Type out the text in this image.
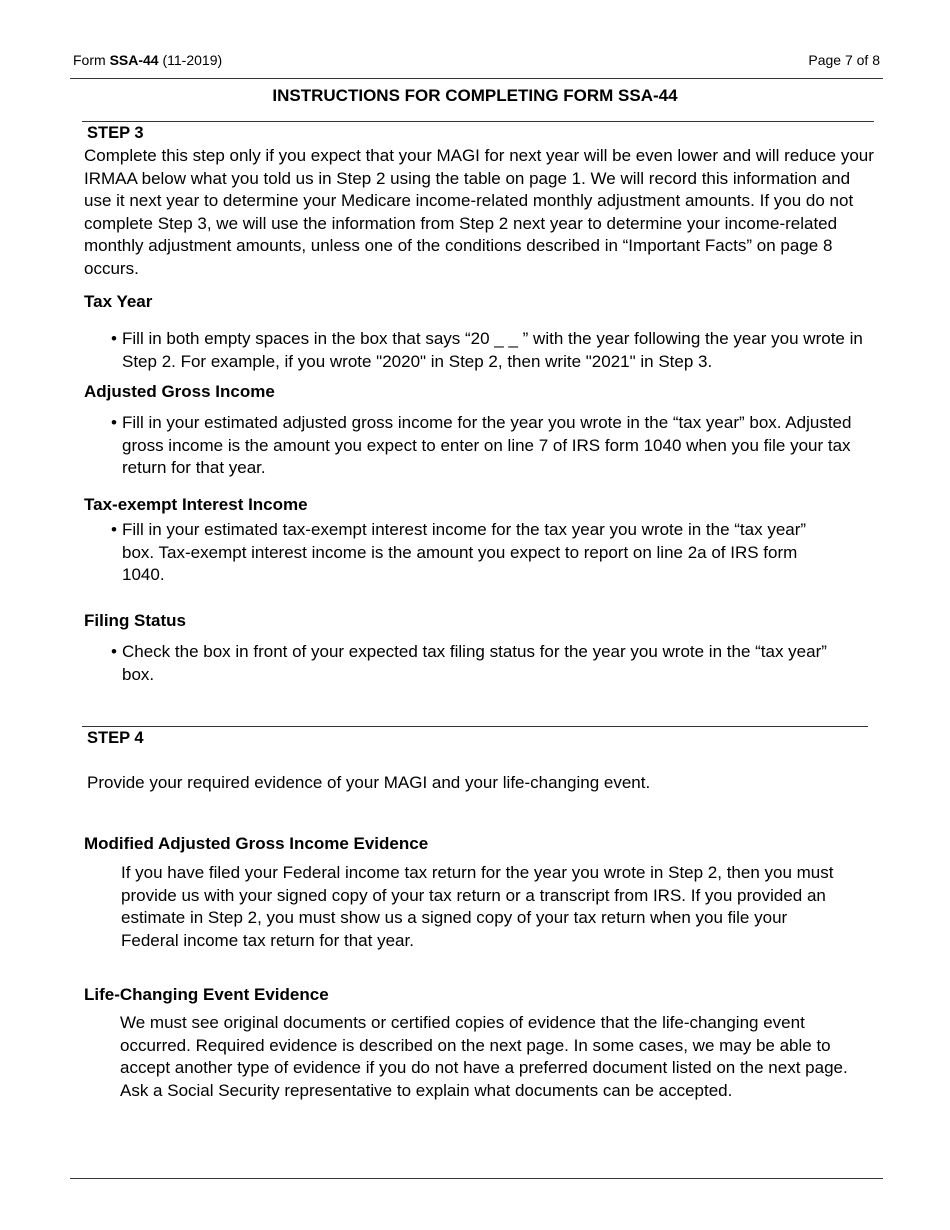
Form SSA-44 (11-2019)	Page 7 of 8
INSTRUCTIONS FOR COMPLETING FORM SSA-44
STEP 3
Complete this step only if you expect that your MAGI for next year will be even lower and will reduce your IRMAA below what you told us in Step 2 using the table on page 1. We will record this information and use it next year to determine your Medicare income-related monthly adjustment amounts. If you do not complete Step 3, we will use the information from Step 2 next year to determine your income-related monthly adjustment amounts, unless one of the conditions described in “Important Facts” on page 8 occurs.
Tax Year
• Fill in both empty spaces in the box that says “20 _ _ ” with the year following the year you wrote in Step 2. For example, if you wrote "2020" in Step 2, then write "2021" in Step 3.
Adjusted Gross Income
• Fill in your estimated adjusted gross income for the year you wrote in the “tax year” box. Adjusted gross income is the amount you expect to enter on line 7 of IRS form 1040 when you file your tax return for that year.
Tax-exempt Interest Income
• Fill in your estimated tax-exempt interest income for the tax year you wrote in the “tax year” box. Tax-exempt interest income is the amount you expect to report on line 2a of IRS form 1040.
Filing Status
• Check the box in front of your expected tax filing status for the year you wrote in the “tax year” box.
STEP 4
Provide your required evidence of your MAGI and your life-changing event.
Modified Adjusted Gross Income Evidence
If you have filed your Federal income tax return for the year you wrote in Step 2, then you must provide us with your signed copy of your tax return or a transcript from IRS. If you provided an estimate in Step 2, you must show us a signed copy of your tax return when you file your Federal income tax return for that year.
Life-Changing Event Evidence
We must see original documents or certified copies of evidence that the life-changing event occurred. Required evidence is described on the next page. In some cases, we may be able to accept another type of evidence if you do not have a preferred document listed on the next page. Ask a Social Security representative to explain what documents can be accepted.
